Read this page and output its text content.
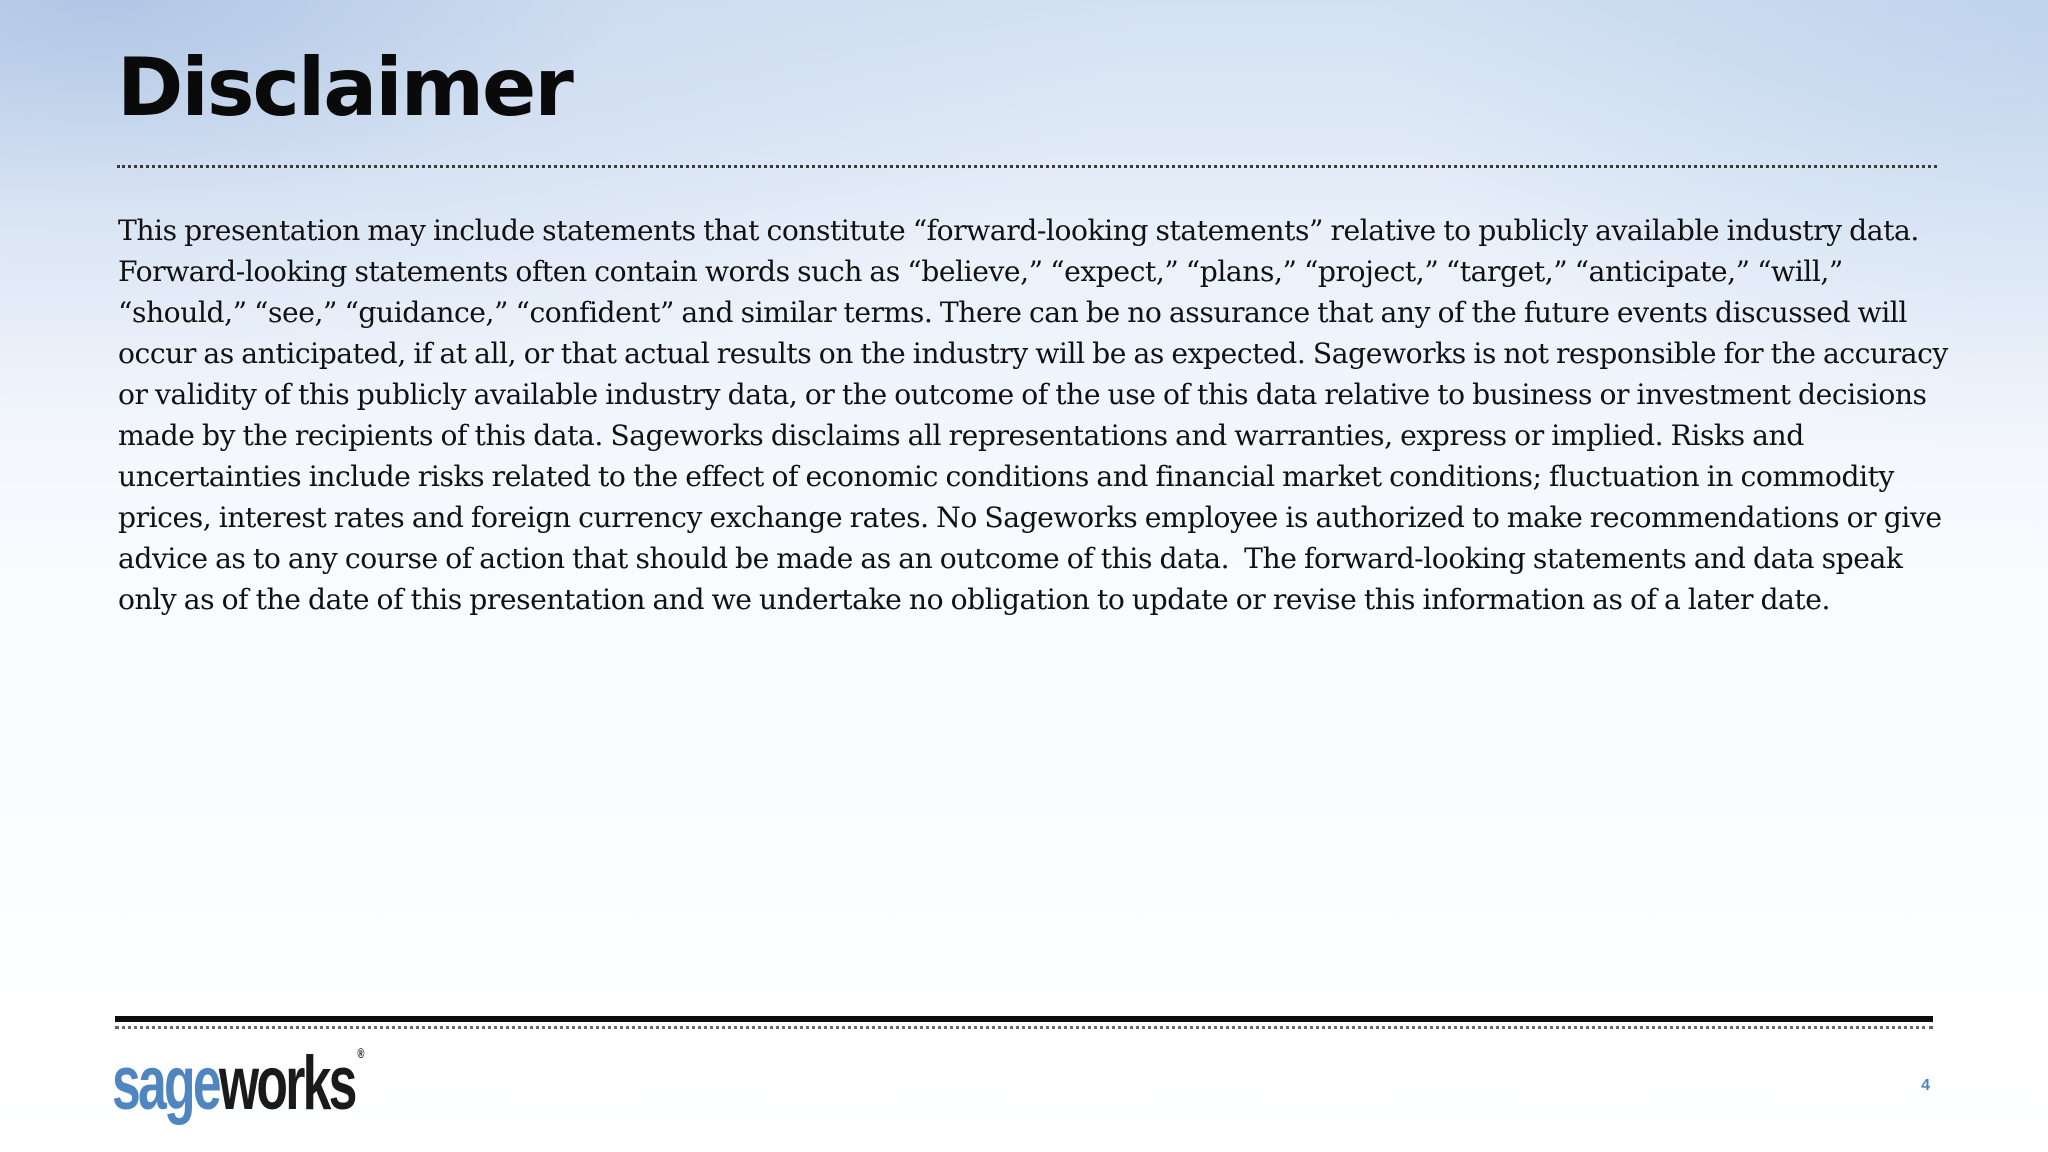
Disclaimer

This presentation may include statements that constitute “forward-looking statements” relative to publicly available industry data.  Forward-looking statements often contain words such as “believe,” “expect,” “plans,” “project,” “target,” “anticipate,” “will,” “should,” “see,” “guidance,” “confident” and similar terms. There can be no assurance that any of the future events discussed will occur as anticipated, if at all, or that actual results on the industry will be as expected. Sageworks is not responsible for the accuracy or validity of this publicly available industry data, or the outcome of the use of this data relative to business or investment decisions made by the recipients of this data. Sageworks disclaims all representations and warranties, express or implied. Risks and uncertainties include risks related to the effect of economic conditions and financial market conditions; fluctuation in commodity prices, interest rates and foreign currency exchange rates. No Sageworks employee is authorized to make recommendations or give advice as to any course of action that should be made as an outcome of this data.  The forward-looking statements and data speak only as of the date of this presentation and we undertake no obligation to update or revise this information as of a later date.

sageworks ®
4
